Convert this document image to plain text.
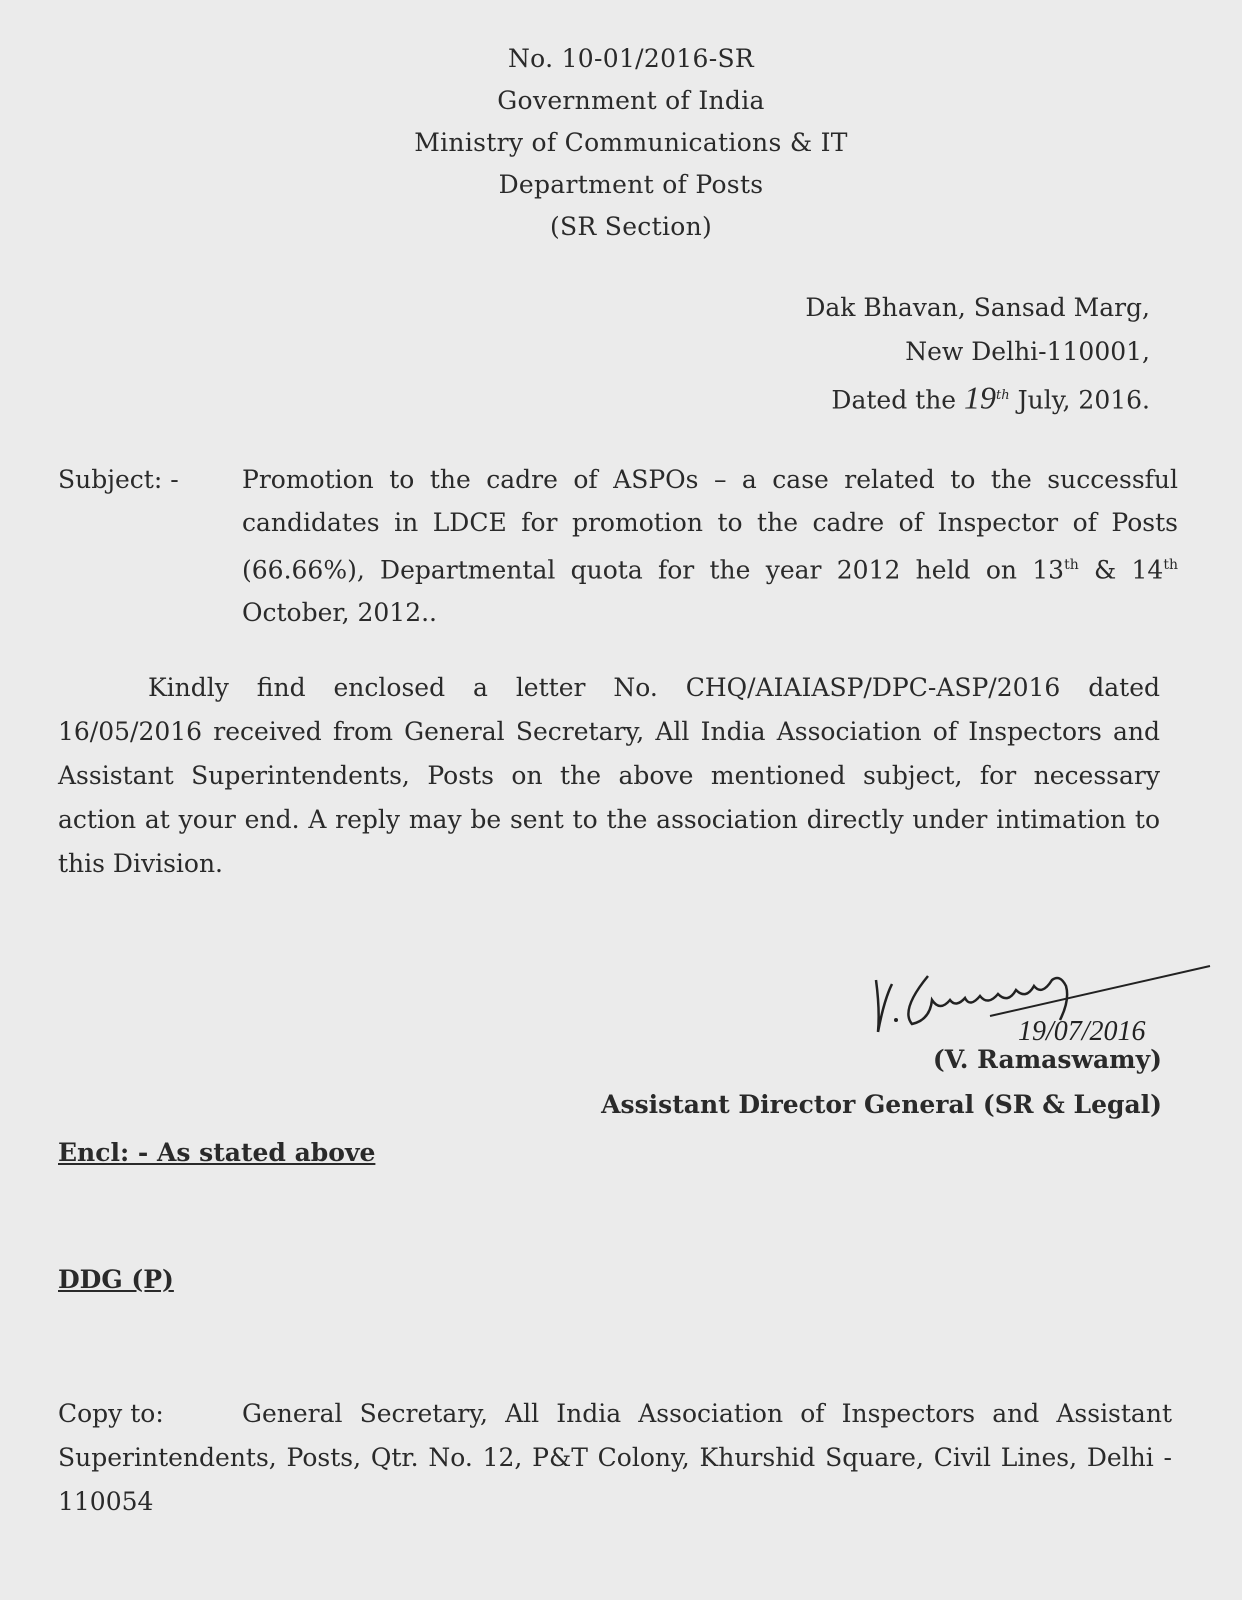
No. 10-01/2016-SR
Government of India
Ministry of Communications & IT
Department of Posts
(SR Section)
Dak Bhavan, Sansad Marg,
New Delhi-110001,
Dated the 19th July, 2016.
Subject: -	Promotion to the cadre of ASPOs – a case related to the successful candidates in LDCE for promotion to the cadre of Inspector of Posts (66.66%), Departmental quota for the year 2012 held on 13th & 14th October, 2012..
Kindly find enclosed a letter No. CHQ/AIAIASP/DPC-ASP/2016 dated 16/05/2016 received from General Secretary, All India Association of Inspectors and Assistant Superintendents, Posts on the above mentioned subject, for necessary action at your end. A reply may be sent to the association directly under intimation to this Division.
19/07/2016
(V. Ramaswamy)
Assistant Director General (SR & Legal)
Encl: - As stated above
DDG (P)
Copy to:	General Secretary, All India Association of Inspectors and Assistant Superintendents, Posts, Qtr. No. 12, P&T Colony, Khurshid Square, Civil Lines, Delhi - 110054
